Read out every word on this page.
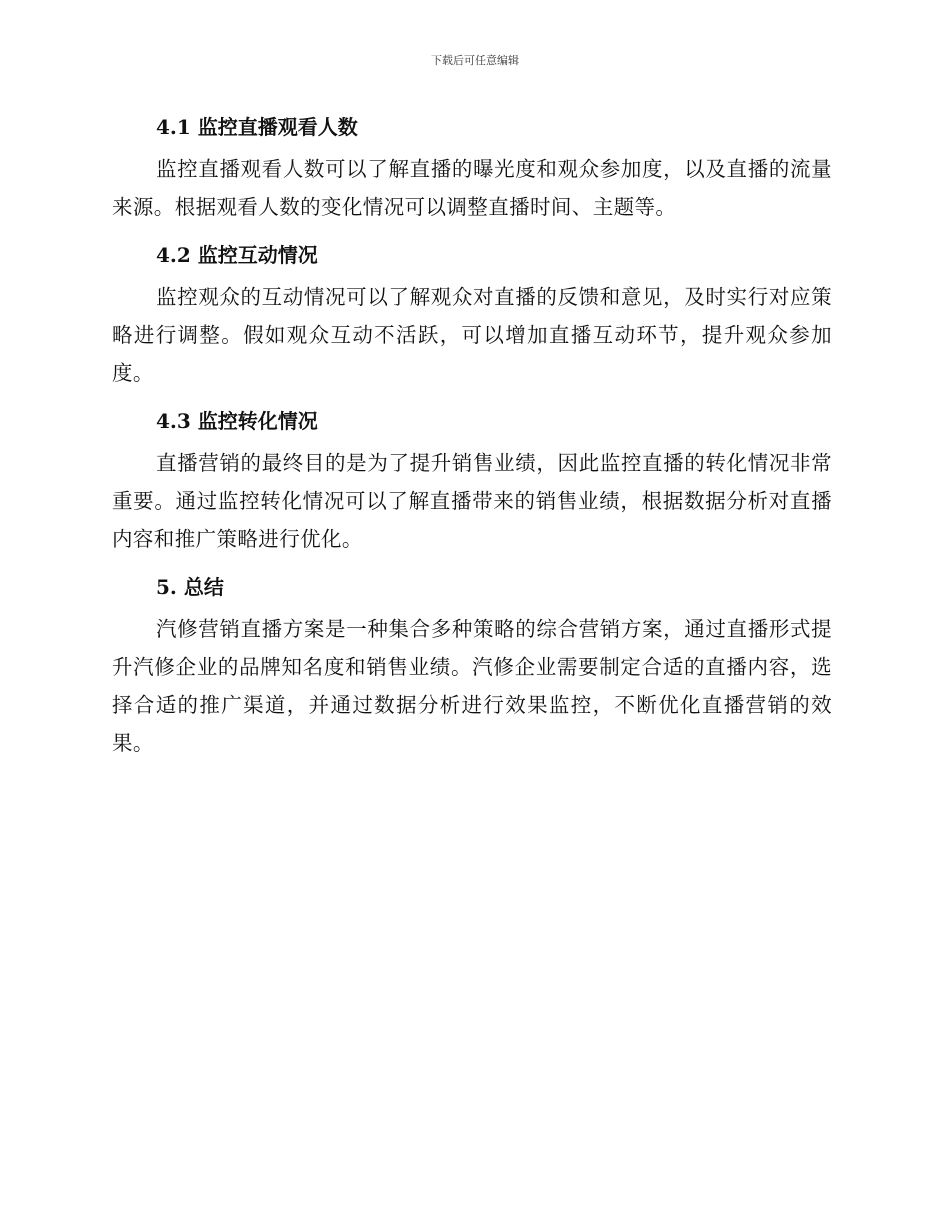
下载后可任意编辑
4.1 监控直播观看人数

监控直播观看人数可以了解直播的曝光度和观众参加度，以及直播的流量来源。根据观看人数的变化情况可以调整直播时间、主题等。

4.2 监控互动情况

监控观众的互动情况可以了解观众对直播的反馈和意见，及时实行对应策略进行调整。假如观众互动不活跃，可以增加直播互动环节，提升观众参加度。

4.3 监控转化情况

直播营销的最终目的是为了提升销售业绩，因此监控直播的转化情况非常重要。通过监控转化情况可以了解直播带来的销售业绩，根据数据分析对直播内容和推广策略进行优化。

5. 总结

汽修营销直播方案是一种集合多种策略的综合营销方案，通过直播形式提升汽修企业的品牌知名度和销售业绩。汽修企业需要制定合适的直播内容，选择合适的推广渠道，并通过数据分析进行效果监控，不断优化直播营销的效果。
